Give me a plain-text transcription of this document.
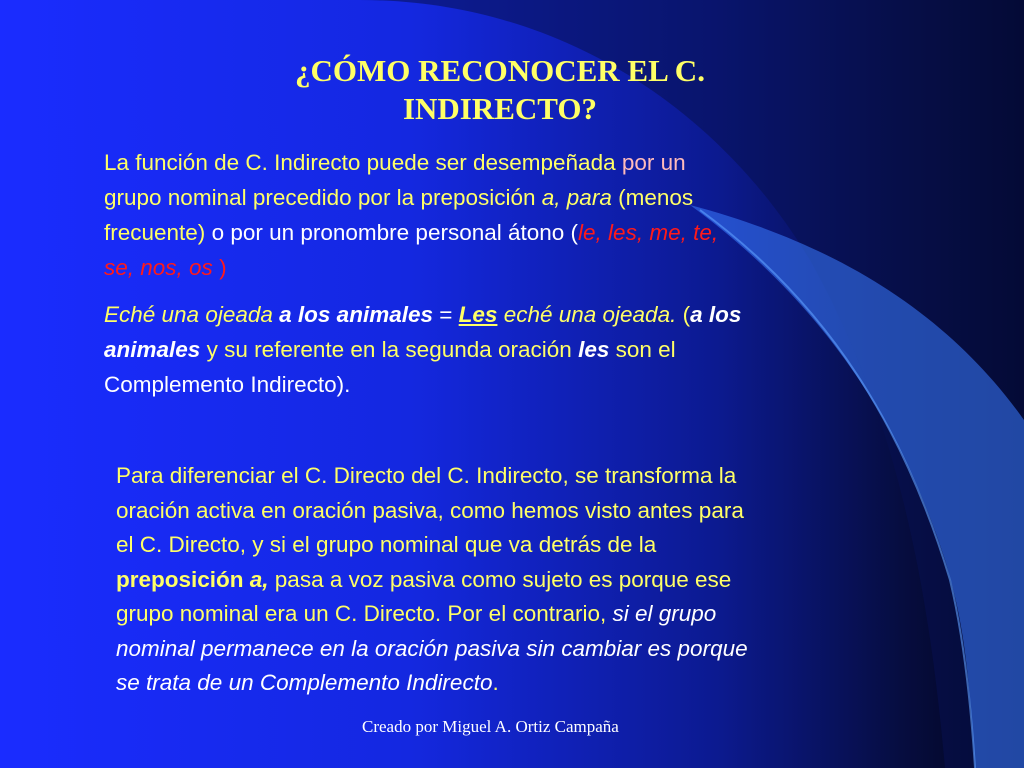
¿CÓMO RECONOCER EL C.
INDIRECTO?
La función de C. Indirecto puede ser desempeñada por un
grupo nominal precedido por la preposición a, para (menos
frecuente) o por un pronombre personal átono (le, les, me, te,
se, nos, os )
Eché una ojeada a los animales = Les eché una ojeada. (a los
animales y su referente en la segunda oración les son el
Complemento Indirecto).
Para diferenciar el C. Directo del C. Indirecto, se transforma la
oración activa en oración pasiva, como hemos visto antes para
el C. Directo, y si el grupo nominal que va detrás de la
preposición a, pasa a voz pasiva como sujeto es porque ese
grupo nominal era un C. Directo. Por el contrario, si el grupo
nominal permanece en la oración pasiva sin cambiar es porque
se trata de un Complemento Indirecto.
Creado por Miguel A. Ortiz Campaña
